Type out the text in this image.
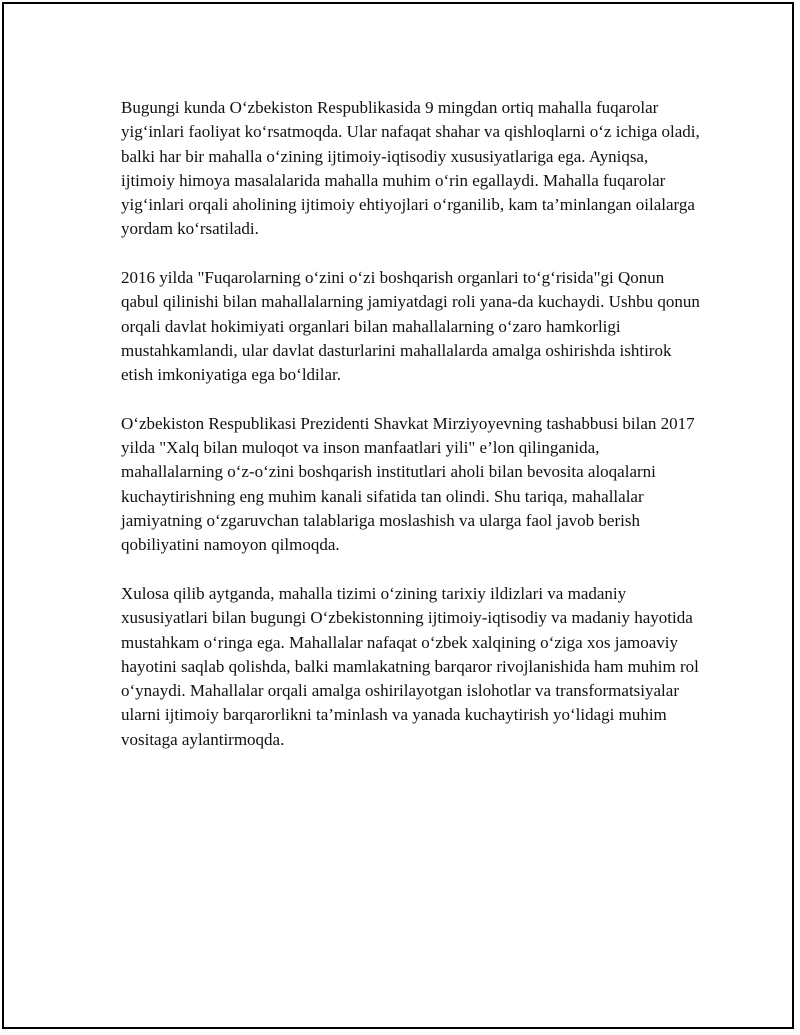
Bugungi kunda O‘zbekiston Respublikasida 9 mingdan ortiq mahalla fuqarolar yig‘inlari faoliyat ko‘rsatmoqda. Ular nafaqat shahar va qishloqlarni o‘z ichiga oladi, balki har bir mahalla o‘zining ijtimoiy-iqtisodiy xususiyatlariga ega. Ayniqsa, ijtimoiy himoya masalalarida mahalla muhim o‘rin egallaydi. Mahalla fuqarolar yig‘inlari orqali aholining ijtimoiy ehtiyojlari o‘rganilib, kam ta’minlangan oilalarga yordam ko‘rsatiladi.

2016 yilda "Fuqarolarning o‘zini o‘zi boshqarish organlari to‘g‘risida"gi Qonun qabul qilinishi bilan mahallalarning jamiyatdagi roli yana-da kuchaydi. Ushbu qonun orqali davlat hokimiyati organlari bilan mahallalarning o‘zaro hamkorligi mustahkamlandi, ular davlat dasturlarini mahallalarda amalga oshirishda ishtirok etish imkoniyatiga ega bo‘ldilar.

O‘zbekiston Respublikasi Prezidenti Shavkat Mirziyoyevning tashabbusi bilan 2017 yilda "Xalq bilan muloqot va inson manfaatlari yili" e’lon qilinganida, mahallalarning o‘z-o‘zini boshqarish institutlari aholi bilan bevosita aloqalarni kuchaytirishning eng muhim kanali sifatida tan olindi. Shu tariqa, mahallalar jamiyatning o‘zgaruvchan talablariga moslashish va ularga faol javob berish qobiliyatini namoyon qilmoqda.

Xulosa qilib aytganda, mahalla tizimi o‘zining tarixiy ildizlari va madaniy xususiyatlari bilan bugungi O‘zbekistonning ijtimoiy-iqtisodiy va madaniy hayotida mustahkam o‘ringa ega. Mahallalar nafaqat o‘zbek xalqining o‘ziga xos jamoaviy hayotini saqlab qolishda, balki mamlakatning barqaror rivojlanishida ham muhim rol o‘ynaydi. Mahallalar orqali amalga oshirilayotgan islohotlar va transformatsiyalar ularni ijtimoiy barqarorlikni ta’minlash va yanada kuchaytirish yo‘lidagi muhim vositaga aylantirmoqda.
